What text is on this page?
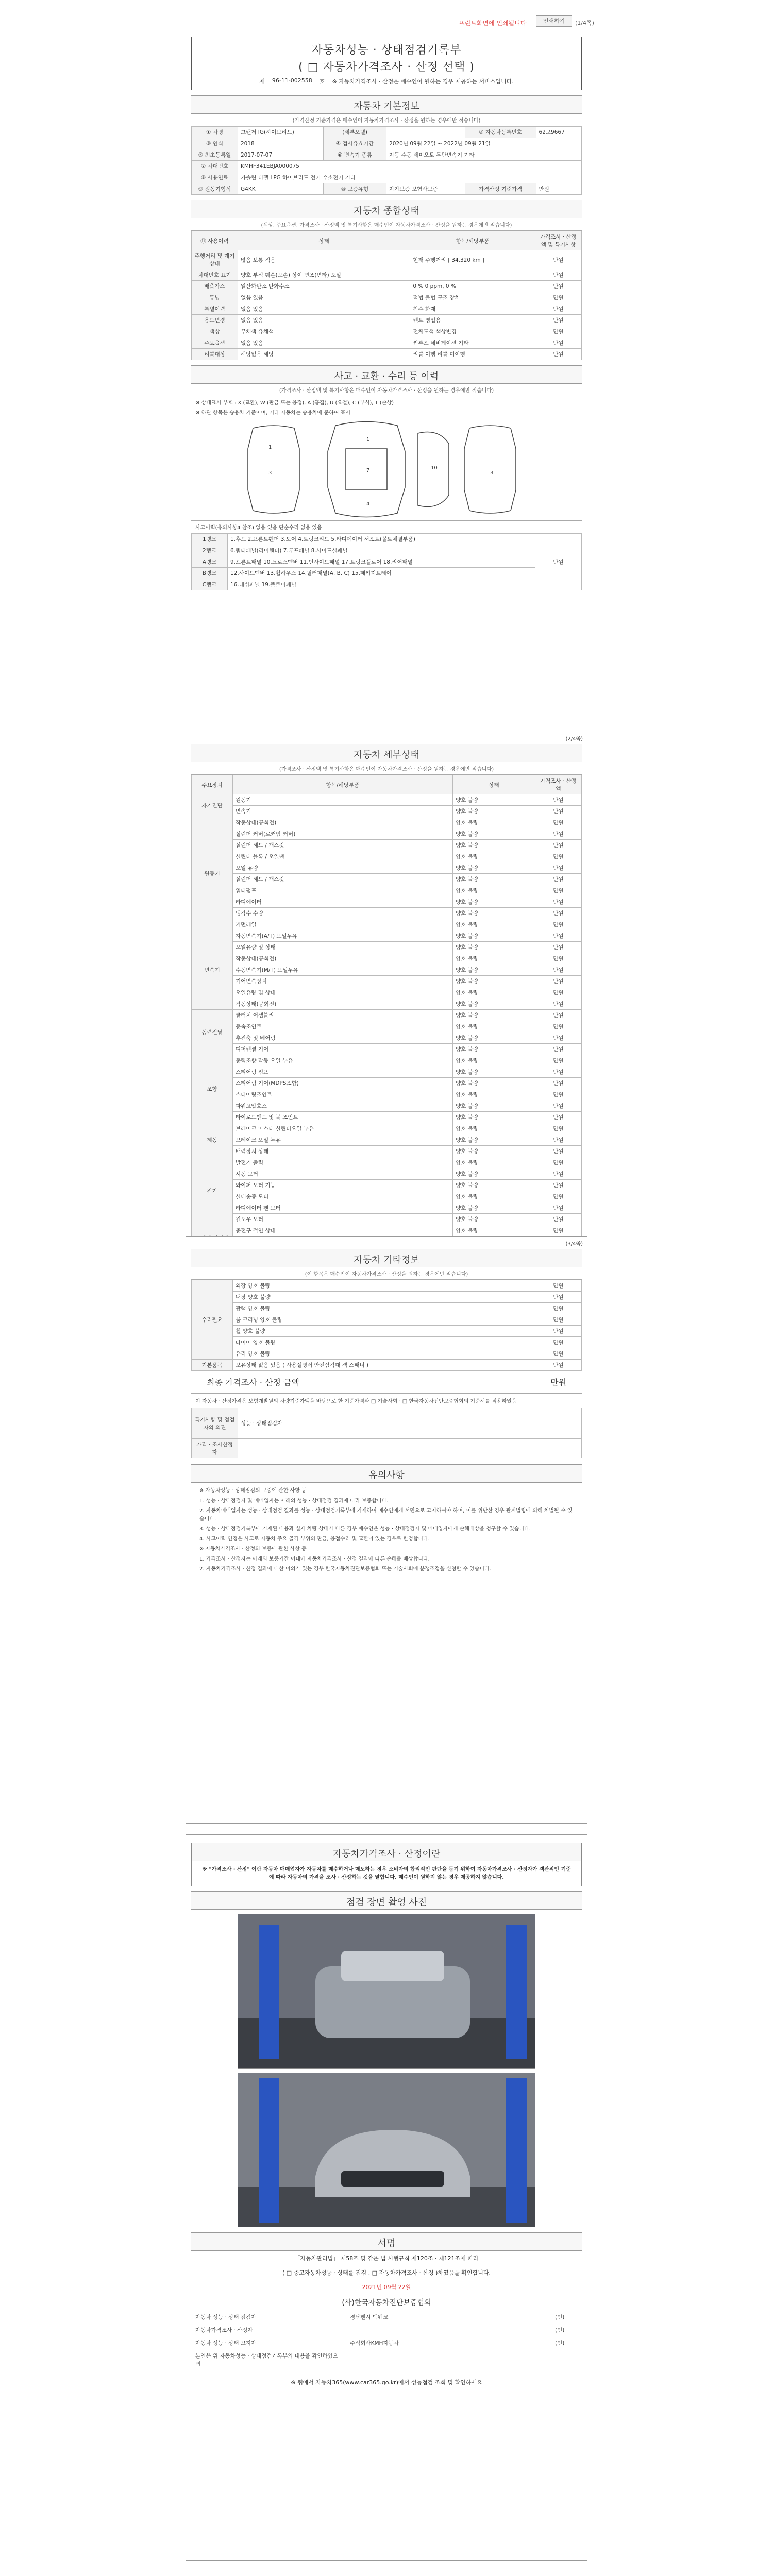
프린트화면에 인쇄됩니다	인쇄하기	(1/4쪽)
자동차성능 · 상태점검기록부
( □ 자동차가격조사 · 산정 선택 )
제 96-11-002558 호 ※ 자동차가격조사 · 산정은 매수인이 원하는 경우 제공하는 서비스입니다.
자동차 기본정보
(가격산정 기준가격은 매수인이 자동차가격조사 · 산정을 원하는 경우에만 적습니다)
① 차명	그랜저 IG(하이브리드)	(세부모델)		② 자동차등록번호	62모9667
③ 연식	2018	④ 검사유효기간	2020년 09월 22일 ~ 2022년 09월 21일		
⑤ 최초등록일	2017-07-07	⑥ 변속기 종류	자동 수동 세미오토 무단변속기 기타		
⑦ 차대번호	KMHF341EBJA000075				
⑧ 사용연료	가솔린 디젤 LPG 하이브리드 전기 수소전기 기타				
⑨ 원동기형식	G4KK	⑩ 보증유형	자가보증 보험사보증	가격산정 기준가격	만원
자동차 종합상태
(색상, 주요옵션, 가격조사 · 산정액 및 특기사항은 매수인이 자동차가격조사 · 산정을 원하는 경우에만 적습니다)
⑪ 사용이력	상태	항목/해당부품	가격조사 · 산정액 및 특기사항
주행거리 및 계기상태	많음 보통 적음	현재 주행거리 [ 34,320 km ]	만원
차대번호 표기	양호 부식 훼손(오손) 상이 변조(변타) 도말		만원
배출가스	일산화탄소 탄화수소	0 % 0 ppm, 0 %	만원
튜닝	없음 있음	적법 불법 구조 장치	만원
특별이력	없음 있음	침수 화재	만원
용도변경	없음 있음	렌트 영업용	만원
색상	무채색 유채색	전체도색 색상변경	만원
주요옵션	없음 있음	썬루프 네비게이션 기타	만원
리콜대상	해당없음 해당	리콜 이행 리콜 미이행	만원
사고 · 교환 · 수리 등 이력
(가격조사 · 산정액 및 특기사항은 매수인이 자동차가격조사 · 산정을 원하는 경우에만 적습니다)
※ 상태표시 부호 : X (교환), W (판금 또는 용접), A (흠집), U (요철), C (부식), T (손상)
※ 하단 항목은 승용차 기준이며, 기타 자동차는 승용차에 준하여 표시
1
3
1
7
4
10
3
사고이력(유의사항4 참조) 없음 있음 단순수리 없음 있음
1랭크	1.후드 2.프론트휀더 3.도어 4.트렁크리드 5.라디에이터 서포트(볼트체결부품)	만원
2랭크	6.쿼터패널(리어휀더) 7.루프패널 8.사이드실패널	
A랭크	9.프론트패널 10.크로스멤버 11.인사이드패널 17.트렁크플로어 18.리어패널	
B랭크	12.사이드멤버 13.휠하우스 14.필러패널(A, B, C) 15.패키지트레이	
C랭크	16.대쉬패널 19.플로어패널	
(2/4쪽)
자동차 세부상태
(가격조사 · 산정액 및 특기사항은 매수인이 자동차가격조사 · 산정을 원하는 경우에만 적습니다)
주요장치	항목/해당부품	상태	가격조사 · 산정액
자기진단	원동기	양호 불량	만원
	변속기	양호 불량	만원
원동기	작동상태(공회전)	양호 불량	만원
	실린더 커버(로커암 커버)	양호 불량	만원
	실린더 헤드 / 개스킷	양호 불량	만원
	실린더 블록 / 오일팬	양호 불량	만원
	오일 유량	양호 불량	만원
	실린더 헤드 / 개스킷	양호 불량	만원
	워터펌프	양호 불량	만원
	라디에이터	양호 불량	만원
	냉각수 수량	양호 불량	만원
	커먼레일	양호 불량	만원
변속기	자동변속기(A/T) 오일누유	양호 불량	만원
	오일유량 및 상태	양호 불량	만원
	작동상태(공회전)	양호 불량	만원
	수동변속기(M/T) 오일누유	양호 불량	만원
	기어변속장치	양호 불량	만원
	오일유량 및 상태	양호 불량	만원
	작동상태(공회전)	양호 불량	만원
동력전달	클러치 어셈블리	양호 불량	만원
	등속조인트	양호 불량	만원
	추진축 및 베어링	양호 불량	만원
	디퍼렌셜 기어	양호 불량	만원
조향	동력조향 작동 오일 누유	양호 불량	만원
	스티어링 펌프	양호 불량	만원
	스티어링 기어(MDPS포함)	양호 불량	만원
	스티어링조인트	양호 불량	만원
	파워고압호스	양호 불량	만원
	타이로드엔드 및 볼 조인트	양호 불량	만원
제동	브레이크 마스터 실린더오일 누유	양호 불량	만원
	브레이크 오일 누유	양호 불량	만원
	배력장치 상태	양호 불량	만원
전기	발전기 출력	양호 불량	만원
	시동 모터	양호 불량	만원
	와이퍼 모터 기능	양호 불량	만원
	실내송풍 모터	양호 불량	만원
	라디에이터 팬 모터	양호 불량	만원
	윈도우 모터	양호 불량	만원
	충전구 절연 상태	양호 불량	만원

(3/4쪽)
자동차 기타정보
(이 항목은 매수인이 자동차가격조사 · 산정을 원하는 경우에만 적습니다)
수리필요	외장 양호 불량	만원
	내장 양호 불량	만원
	광택 양호 불량	만원
	룸 크리닝 양호 불량	만원
	휠 양호 불량	만원
	타이어 양호 불량	만원
	유리 양호 불량	만원
기본품목	보유상태 없음 있음 ( 사용설명서 안전삼각대 잭 스패너 )	만원
최종 가격조사 · 산정 금액	만원
이 자동차 · 산정가격은 보험개발원의 차량기준가액을 바탕으로 한 기준가격과 □ 기술사회 · □ 한국자동차진단보증협회의 기준서를 적용하였음
특기사항 및 점검자의 의견	성능 · 상태점검자
가격 · 조사산정자	
유의사항

※ 자동차성능 · 상태점검의 보증에 관한 사항 등

1. 성능 · 상태점검자 및 매매업자는 아래의 성능 · 상태점검 결과에 따라 보증합니다.

2. 자동차매매업자는 성능 · 상태점검 결과를 성능 · 상태점검기록부에 기재하여 매수인에게 서면으로 고지하여야 하며, 이를 위반한 경우 관계법령에 의해 처벌될 수 있습니다.

3. 성능 · 상태점검기록부에 기재된 내용과 실제 차량 상태가 다른 경우 매수인은 성능 · 상태점검자 및 매매업자에게 손해배상을 청구할 수 있습니다.

4. 사고이력 인정은 사고로 자동차 주요 골격 부위의 판금, 용접수리 및 교환이 있는 경우로 한정합니다.

※ 자동차가격조사 · 산정의 보증에 관한 사항 등

1. 가격조사 · 산정자는 아래의 보증기간 이내에 자동차가격조사 · 산정 결과에 따른 손해를 배상합니다.

2. 자동차가격조사 · 산정 결과에 대한 이의가 있는 경우 한국자동차진단보증협회 또는 기술사회에 분쟁조정을 신청할 수 있습니다.

자동차가격조사 · 산정이란
※ "가격조사 · 산정" 이란 자동차 매매업자가 자동차를 매수하거나 매도하는 경우 소비자의 합리적인 판단을 돕기 위하여 자동차가격조사 · 산정자가 객관적인 기준에 따라 자동차의 가격을 조사 · 산정하는 것을 말합니다. 매수인이 원하지 않는 경우 제공하지 않습니다.
점검 장면 촬영 사진
서명
「자동차관리법」 제58조 및 같은 법 시행규칙 제120조 · 제121조에 따라
( □ 중고자동차성능 · 상태를 점검 , □ 자동차가격조사 · 산정 )하였음을 확인합니다.
2021년 09월 22일
(사)한국자동차진단보증협회
자동차 성능 · 상태 점검자	경남팬시 맥웨코	(인)
자동차가격조사 · 산정자		(인)
자동차 성능 · 상태 고지자	주식회사KMH자동차	(인)
본인은 위 자동차성능 · 상태점검기록부의 내용을 확인하였으며		
※ 웹에서 자동차365(www.car365.go.kr)에서 성능점검 조회 및 확인하세요
